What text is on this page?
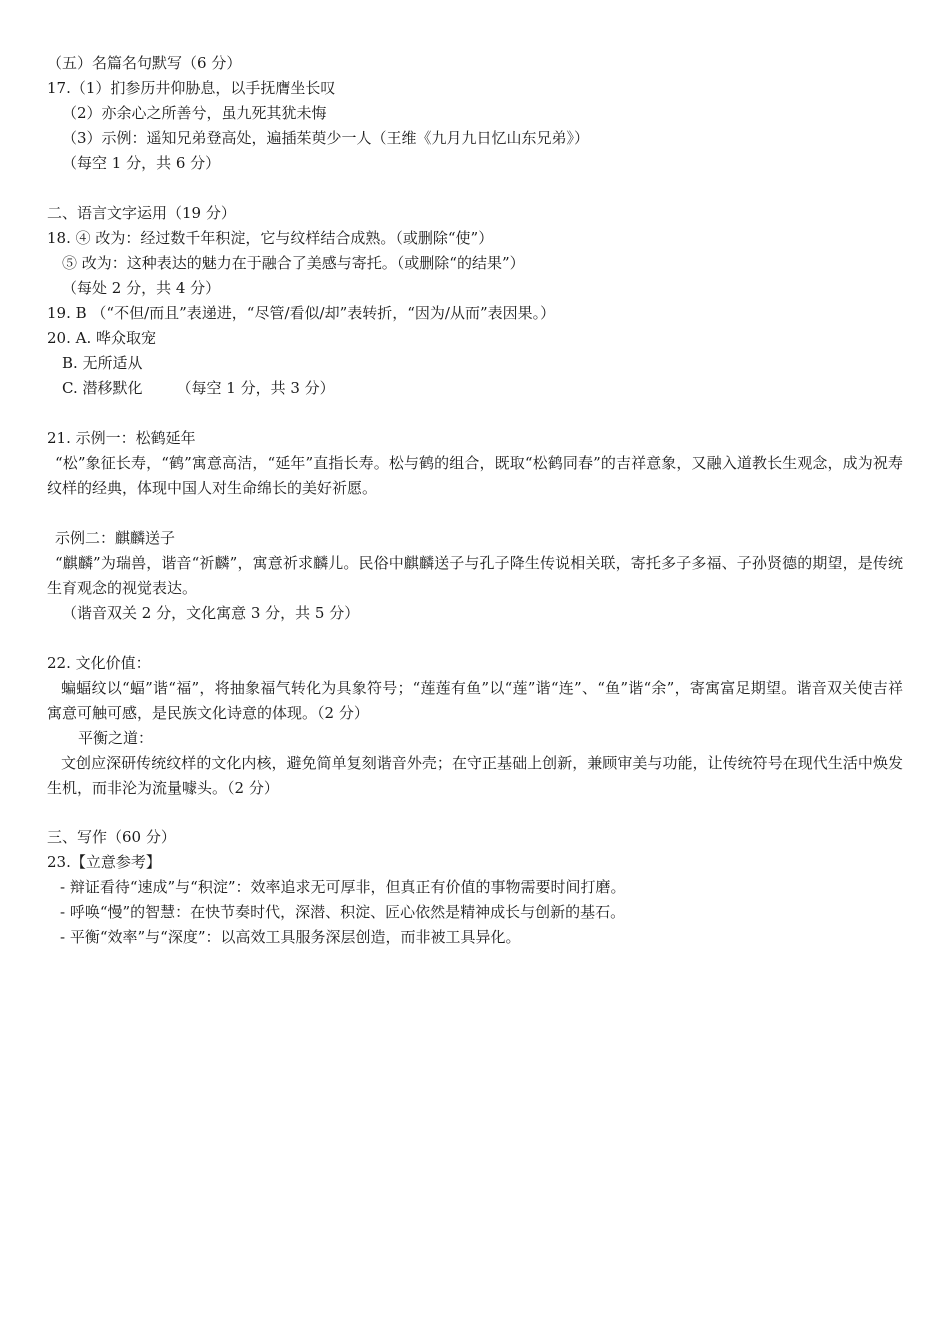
（五）名篇名句默写（6 分）
17.（1）扪参历井仰胁息，以手抚膺坐长叹
（2）亦余心之所善兮，虽九死其犹未悔
（3）示例：遥知兄弟登高处，遍插茱萸少一人（王维《九月九日忆山东兄弟》）
（每空 1 分，共 6 分）
二、语言文字运用（19 分）
18. ④ 改为：经过数千年积淀，它与纹样结合成熟。（或删除“使”）
⑤ 改为：这种表达的魅力在于融合了美感与寄托。（或删除“的结果”）
（每处 2 分，共 4 分）
19. B （“不但/而且”表递进，“尽管/看似/却”表转折，“因为/从而”表因果。）
20. A. 哗众取宠
B. 无所适从
C. 潜移默化 （每空 1 分，共 3 分）
21. 示例一：松鹤延年
“松”象征长寿，“鹤”寓意高洁，“延年”直指长寿。松与鹤的组合，既取“松鹤同春”的吉祥意象，又融入道教长生观念，成为祝寿纹样的经典，体现中国人对生命绵长的美好祈愿。
示例二：麒麟送子
“麒麟”为瑞兽，谐音“祈麟”，寓意祈求麟儿。民俗中麒麟送子与孔子降生传说相关联，寄托多子多福、子孙贤德的期望，是传统生育观念的视觉表达。
（谐音双关 2 分，文化寓意 3 分，共 5 分）
22. 文化价值：
蝙蝠纹以“蝠”谐“福”，将抽象福气转化为具象符号；“莲莲有鱼”以“莲”谐“连”、“鱼”谐“余”，寄寓富足期望。谐音双关使吉祥寓意可触可感，是民族文化诗意的体现。（2 分）
平衡之道：
文创应深研传统纹样的文化内核，避免简单复刻谐音外壳；在守正基础上创新，兼顾审美与功能，让传统符号在现代生活中焕发生机，而非沦为流量噱头。（2 分）
三、写作（60 分）
23.【立意参考】
- 辩证看待“速成”与“积淀”：效率追求无可厚非，但真正有价值的事物需要时间打磨。
- 呼唤“慢”的智慧：在快节奏时代，深潜、积淀、匠心依然是精神成长与创新的基石。
- 平衡“效率”与“深度”：以高效工具服务深层创造，而非被工具异化。
